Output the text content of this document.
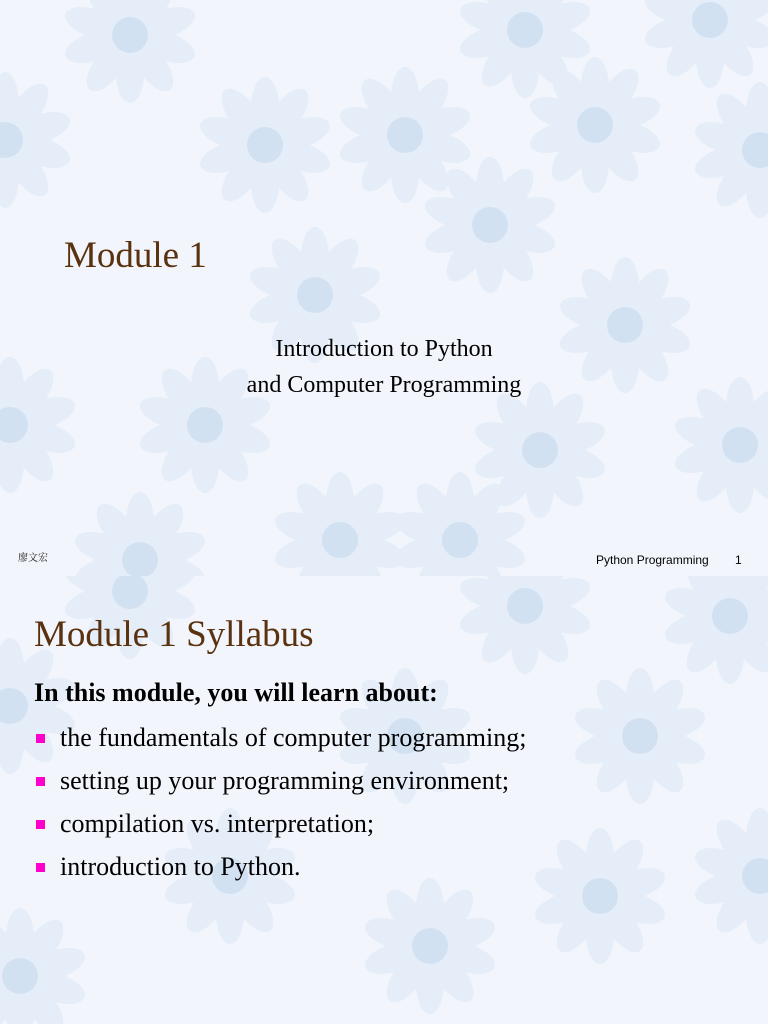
Module 1
Introduction to Python
and Computer Programming
廖文宏	Python Programming 1
Module 1 Syllabus
In this module, you will learn about:
the fundamentals of computer programming;
setting up your programming environment;
compilation vs. interpretation;
introduction to Python.
